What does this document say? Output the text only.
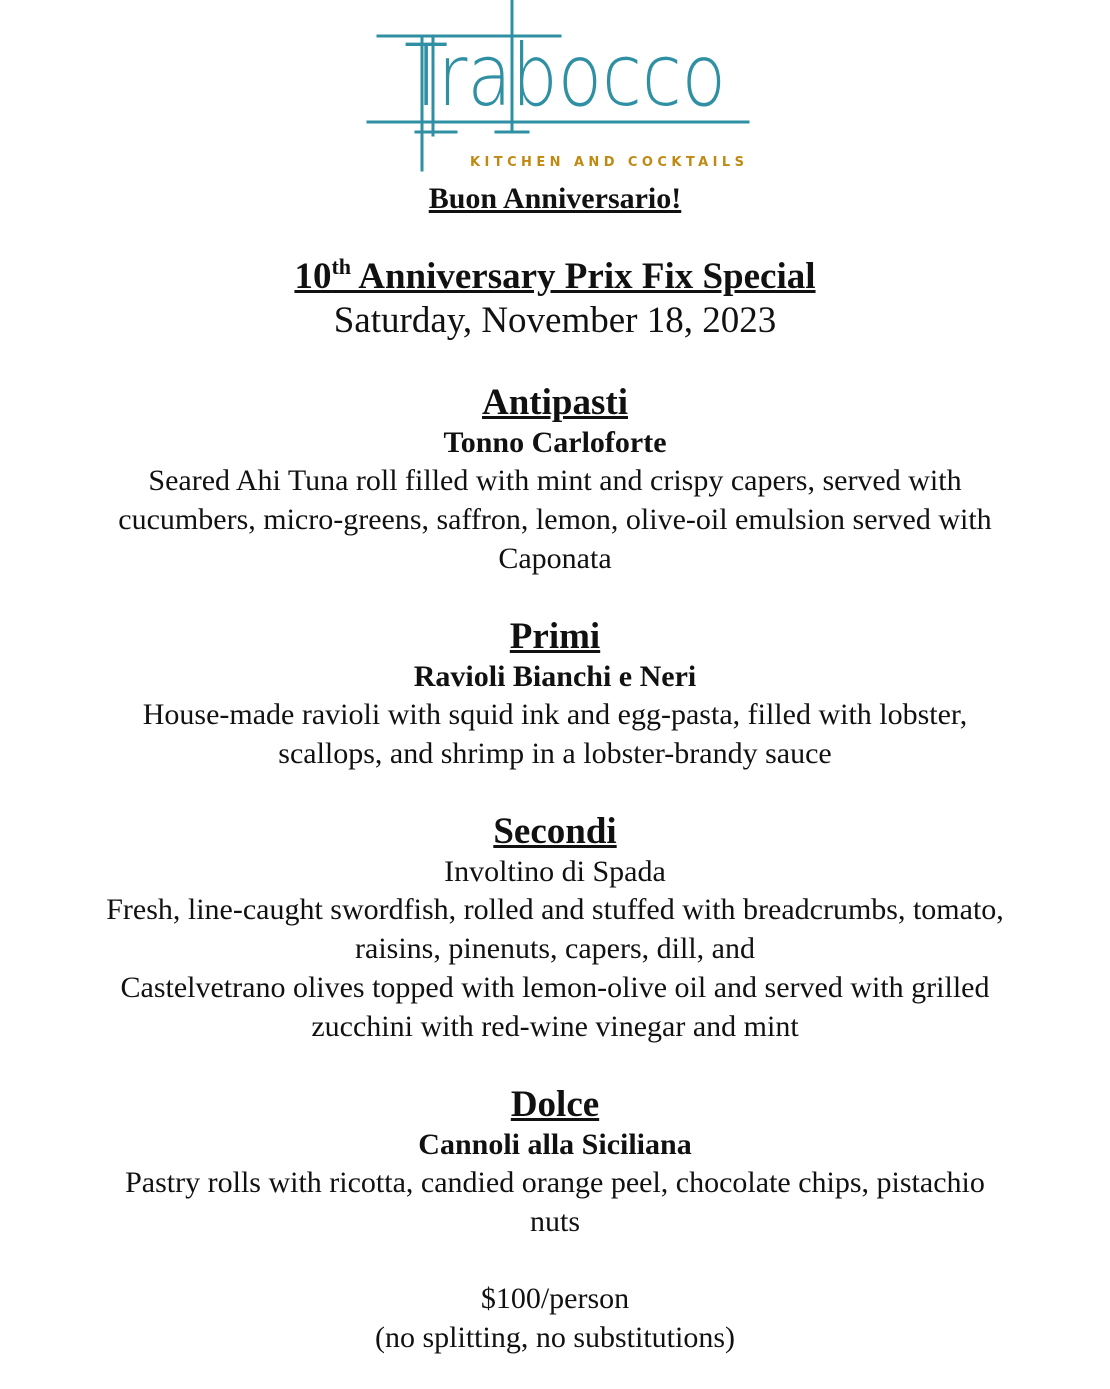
Trabocco
KITCHEN AND COCKTAILS

Buon Anniversario!

10th Anniversary Prix Fix Special

Saturday, November 18, 2023

Antipasti

Tonno Carloforte

Seared Ahi Tuna roll filled with mint and crispy capers, served with
cucumbers, micro-greens, saffron, lemon, olive-oil emulsion served with
Caponata

Primi

Ravioli Bianchi e Neri

House-made ravioli with squid ink and egg-pasta, filled with lobster,
scallops, and shrimp in a lobster-brandy sauce

Secondi

Involtino di Spada

Fresh, line-caught swordfish, rolled and stuffed with breadcrumbs, tomato,
raisins, pinenuts, capers, dill, and
Castelvetrano olives topped with lemon-olive oil and served with grilled
zucchini with red-wine vinegar and mint

Dolce

Cannoli alla Siciliana

Pastry rolls with ricotta, candied orange peel, chocolate chips, pistachio
nuts

$100/person

(no splitting, no substitutions)
